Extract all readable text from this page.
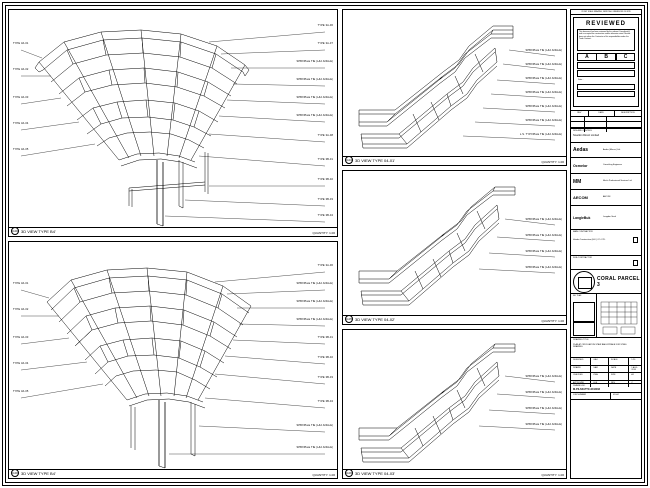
TYPE 3A-01
TYPE 3A-02
TYPE 3A-03
TYPE 3A-04
TYPE 3A-05
TYPE 3A-06
TYPE 3A-07
SPBXPlate TIE (L&2 ANGLE)
SPBXPlate TIE (L&2 ANGLE)
SPBXPlate TIE (L&2 ANGLE)
SPBXPlate TIE (L&2 ANGLE)
TYPE 3A-08
TYPE 3B-01
TYPE 3B-02
TYPE 3B-03
TYPE 3B-04
0-00 3D VIEW TYPE B4'	QUANTITY: 1.00
TYPE 3A-01
TYPE 3A-02
TYPE 3A-03
TYPE 3A-04
TYPE 3A-05
TYPE 3A-06
SPBXPlate TIE (L&2 ANGLE)
SPBXPlate TIE (L&2 ANGLE)
SPBXPlate TIE (L&2 ANGLE)
TYPE 3B-01
TYPE 3B-02
TYPE 3B-03
TYPE 3B-04
SPBXPlate TIE (L&2 ANGLE)
SPBXPlate TIE (L&2 ANGLE)
0-00 3D VIEW TYPE B4'	QUANTITY: 1.00
SPBXPlate TIE (L&2 ANGLE)
SPBXPlate TIE (L&2 ANGLE)
SPBXPlate TIE (L&2 ANGLE)
SPBXPlate TIE (L&2 ANGLE)
SPBXPlate TIE (L&2 ANGLE)
SPBXPlate TIE (L&2 ANGLE)
L.S. TYPXPlate TIE (L&2 ANGLE)
0-04 3D VIEW TYPE 04-01'	QUANTITY: 1.00
SPBXPlate TIE (L&2 ANGLE)
SPBXPlate TIE (L&2 ANGLE)
SPBXPlate TIE (L&2 ANGLE)
SPBXPlate TIE (L&2 ANGLE)
0-05 3D VIEW TYPE 04-02'	QUANTITY: 1.00
SPBXPlate TIE (L&2 ANGLE)
SPBXPlate TIE (L&2 ANGLE)
SPBXPlate TIE (L&2 ANGLE)
SPBXPlate TIE (L&2 ANGLE)
0-06 3D VIEW TYPE 04-03'	QUANTITY: 1.00
XX SET SCALE DRAWING, VERIFY ALL DIMENSIONS ON SITE
REVIEWED
This document has been reviewed by the relevant Consultant(s) and is accepted for construction unless otherwise noted. Review does not relieve the Contractor of his responsibilities under the Trade Contract.
A	B	C
Date :
REV	DATE	DESCRIPTION
DEV AND CONTROL
Nowdon Direct Limited
Aedas	Aedas (Macau) Ltd.
Ocmelor	Consulting Engineers
MM	Mecla Professional Services Ltd.
AECOM	AECOM
LangleBuk	Langdon Seah
MAIN CONTRACTOR
Hsinbo Construction (H.K.) CO. LTD.
SUB-CONTRACTOR
CORAL PARCEL 3
KEY PLAN
DRAWING TITLE
PLAN AT CIRCULATION STAIR BALUSTRADE FOR STEEL DRAWING
DESIGNED	GAO	SCALE	1:20
DRAWN	SAM	DATE	1 AUG 2016
CHECKED	KWH	SIZE	A1
APPROVED	LEE	REV	C
DRAWING NO.
M-P3-SD-PTC-001/003
JOB NUMBER	01044
